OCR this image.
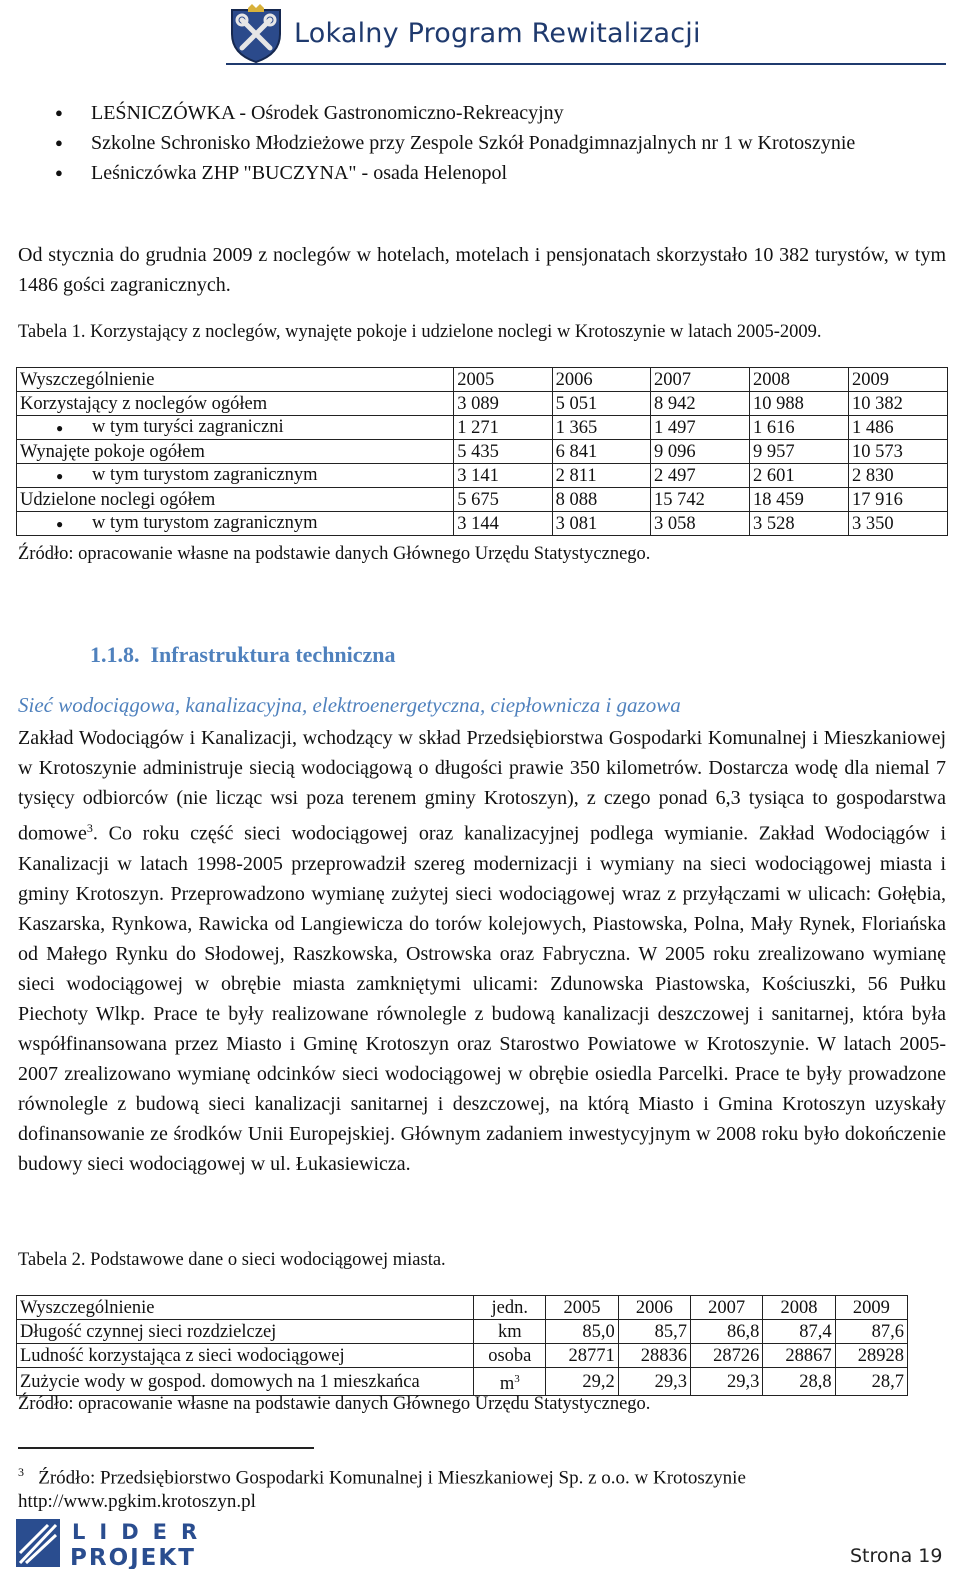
Lokalny Program Rewitalizacji
● LEŚNICZÓWKA - Ośrodek Gastronomiczno-Rekreacyjny
● Szkolne Schronisko Młodzieżowe przy Zespole Szkół Ponadgimnazjalnych nr 1 w Krotoszynie
● Leśniczówka ZHP "BUCZYNA" - osada Helenopol

Od stycznia do grudnia 2009 z noclegów w hotelach, motelach i pensjonatach skorzystało 10 382 turystów, w tym 1486 gości zagranicznych.

Tabela 1. Korzystający z noclegów, wynajęte pokoje i udzielone noclegi w Krotoszynie w latach 2005-2009.

Wyszczególnienie	2005	2006	2007	2008	2009
Korzystający z noclegów ogółem	3 089	5 051	8 942	10 988	10 382
● w tym turyści zagraniczni	1 271	1 365	1 497	1 616	1 486
Wynajęte pokoje ogółem	5 435	6 841	9 096	9 957	10 573
● w tym turystom zagranicznym	3 141	2 811	2 497	2 601	2 830
Udzielone noclegi ogółem	5 675	8 088	15 742	18 459	17 916
● w tym turystom zagranicznym	3 144	3 081	3 058	3 528	3 350

Źródło: opracowanie własne na podstawie danych Głównego Urzędu Statystycznego.

1.1.8. Infrastruktura techniczna

Sieć wodociągowa, kanalizacyjna, elektroenergetyczna, ciepłownicza i gazowa

Zakład Wodociągów i Kanalizacji, wchodzący w skład Przedsiębiorstwa Gospodarki Komunalnej i Mieszkaniowej w Krotoszynie administruje siecią wodociągową o długości prawie 350 kilometrów. Dostarcza wodę dla niemal 7 tysięcy odbiorców (nie licząc wsi poza terenem gminy Krotoszyn), z czego ponad 6,3 tysiąca to gospodarstwa domowe$^3$. Co roku część sieci wodociągowej oraz kanalizacyjnej podlega wymianie. Zakład Wodociągów i Kanalizacji w latach 1998-2005 przeprowadził szereg modernizacji i wymiany na sieci wodociągowej miasta i gminy Krotoszyn. Przeprowadzono wymianę zużytej sieci wodociągowej wraz z przyłączami w ulicach: Gołębia, Kaszarska, Rynkowa, Rawicka od Langiewicza do torów kolejowych, Piastowska, Polna, Mały Rynek, Floriańska od Małego Rynku do Słodowej, Raszkowska, Ostrowska oraz Fabryczna. W 2005 roku zrealizowano wymianę sieci wodociągowej w obrębie miasta zamkniętymi ulicami: Zdunowska Piastowska, Kościuszki, 56 Pułku Piechoty Wlkp. Prace te były realizowane równolegle z budową kanalizacji deszczowej i sanitarnej, która była współfinansowana przez Miasto i Gminę Krotoszyn oraz Starostwo Powiatowe w Krotoszynie. W latach 2005-2007 zrealizowano wymianę odcinków sieci wodociągowej w obrębie osiedla Parcelki. Prace te były prowadzone równolegle z budową sieci kanalizacji sanitarnej i deszczowej, na którą Miasto i Gmina Krotoszyn uzyskały dofinansowanie ze środków Unii Europejskiej. Głównym zadaniem inwestycyjnym w 2008 roku było dokończenie budowy sieci wodociągowej w ul. Łukasiewicza.

Tabela 2. Podstawowe dane o sieci wodociągowej miasta.

Wyszczególnienie	jedn.	2005	2006	2007	2008	2009
Długość czynnej sieci rozdzielczej	km	85,0	85,7	86,8	87,4	87,6
Ludność korzystająca z sieci wodociągowej	osoba	28771	28836	28726	28867	28928
Zużycie wody w gospod. domowych na 1 mieszkańca	$m^3$	29,2	29,3	29,3	28,8	28,7

Źródło: opracowanie własne na podstawie danych Głównego Urzędu Statystycznego.

$^3$ Źródło: Przedsiębiorstwo Gospodarki Komunalnej i Mieszkaniowej Sp. z o.o. w Krotoszynie
http://www.pgkim.krotoszyn.pl

LIDER
PROJEKT	Strona 19
